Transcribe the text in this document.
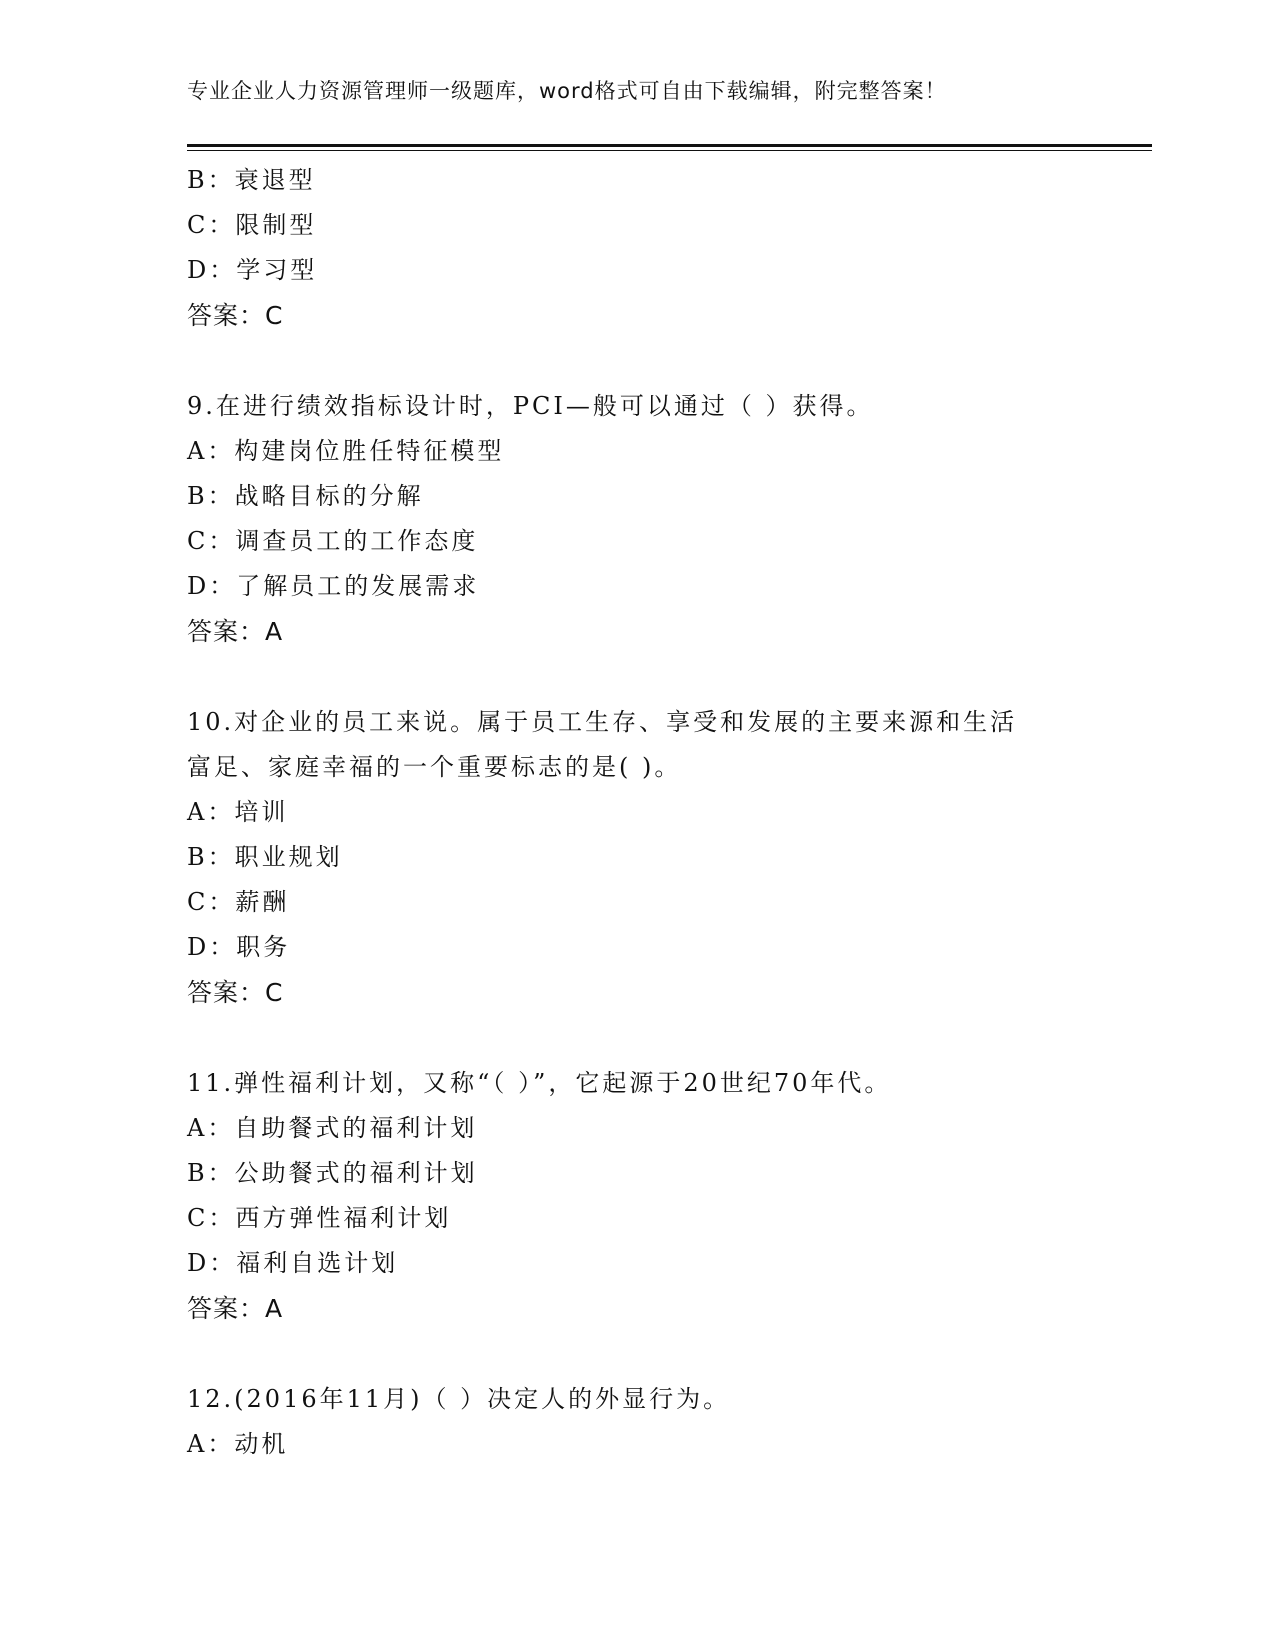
专业企业人力资源管理师一级题库，word格式可自由下载编辑，附完整答案！
B：衰退型
C：限制型
D：学习型
答案：C
9.在进行绩效指标设计时，PCI—般可以通过（ ）获得。
A：构建岗位胜任特征模型
B：战略目标的分解
C：调查员工的工作态度
D：了解员工的发展需求
答案：A
10.对企业的员工来说。属于员工生存、享受和发展的主要来源和生活
富足、家庭幸福的一个重要标志的是( )。
A：培训
B：职业规划
C：薪酬
D：职务
答案：C
11.弹性福利计划，又称“（ ）”，它起源于20世纪70年代。
A：自助餐式的福利计划
B：公助餐式的福利计划
C：西方弹性福利计划
D：福利自选计划
答案：A
12.(2016年11月)（ ）决定人的外显行为。
A：动机
